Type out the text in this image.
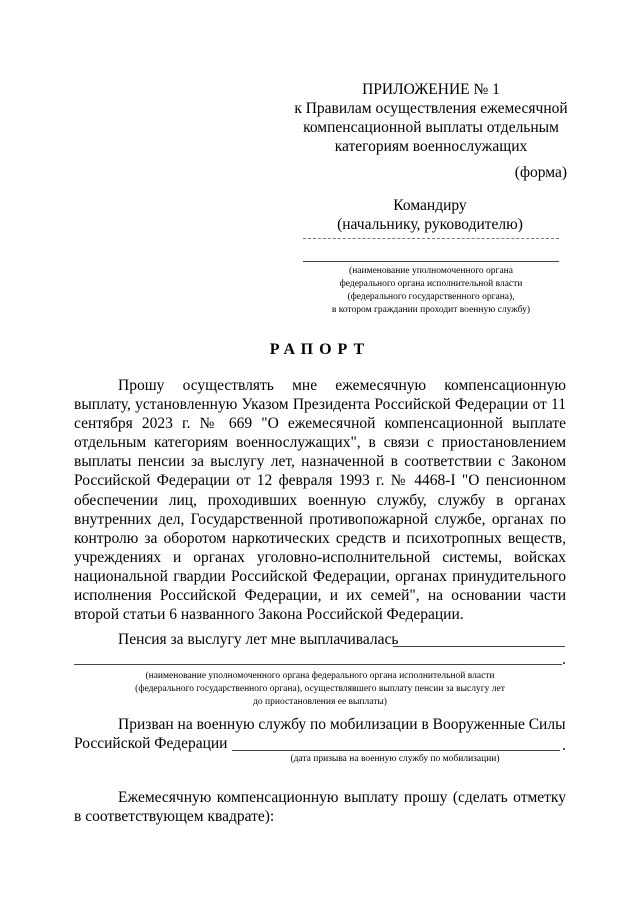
ПРИЛОЖЕНИЕ № 1
к Правилам осуществления ежемесячной
компенсационной выплаты отдельным
категориям военнослужащих
(форма)
Командиру
(начальнику, руководителю)
(наименование уполномоченного органа
федерального органа исполнительной власти
(федерального государственного органа),
в котором граждании проходит военную службу)
РАПОРТ

Прошу осуществлять мне ежемесячную компенсационную выплату, установленную Указом Президента Российской Федерации от 11 сентября 2023 г. № 669 "О ежемесячной компенсационной выплате отдельным категориям военнослужащих", в связи с приостановлением выплаты пенсии за выслугу лет, назначенной в соответствии с Законом Российской Федерации от 12 февраля 1993 г. № 4468-I "О пенсионном обеспечении лиц, проходивших военную службу, службу в органах внутренних дел, Государственной противопожарной службе, органах по контролю за оборотом наркотических средств и психотропных веществ, учреждениях и органах уголовно-исполнительной системы, войсках национальной гвардии Российской Федерации, органах принудительного исполнения Российской Федерации, и их семей", на основании части второй статьи 6 названного Закона Российской Федерации.

Пенсия за выслугу лет мне выплачивалась
.
(наименование уполномоченного органа федерального органа исполнительной власти
(федерального государственного органа), осуществлявшего выплату пенсии за выслугу лет
до приостановления ее выплаты)
Призван на военную службу по мобилизации в Вооруженные Силы
Российской Федерации	.
(дата призыва на военную службу по мобилизации)

Ежемесячную компенсационную выплату прошу (сделать отметку в соответствующем квадрате):
